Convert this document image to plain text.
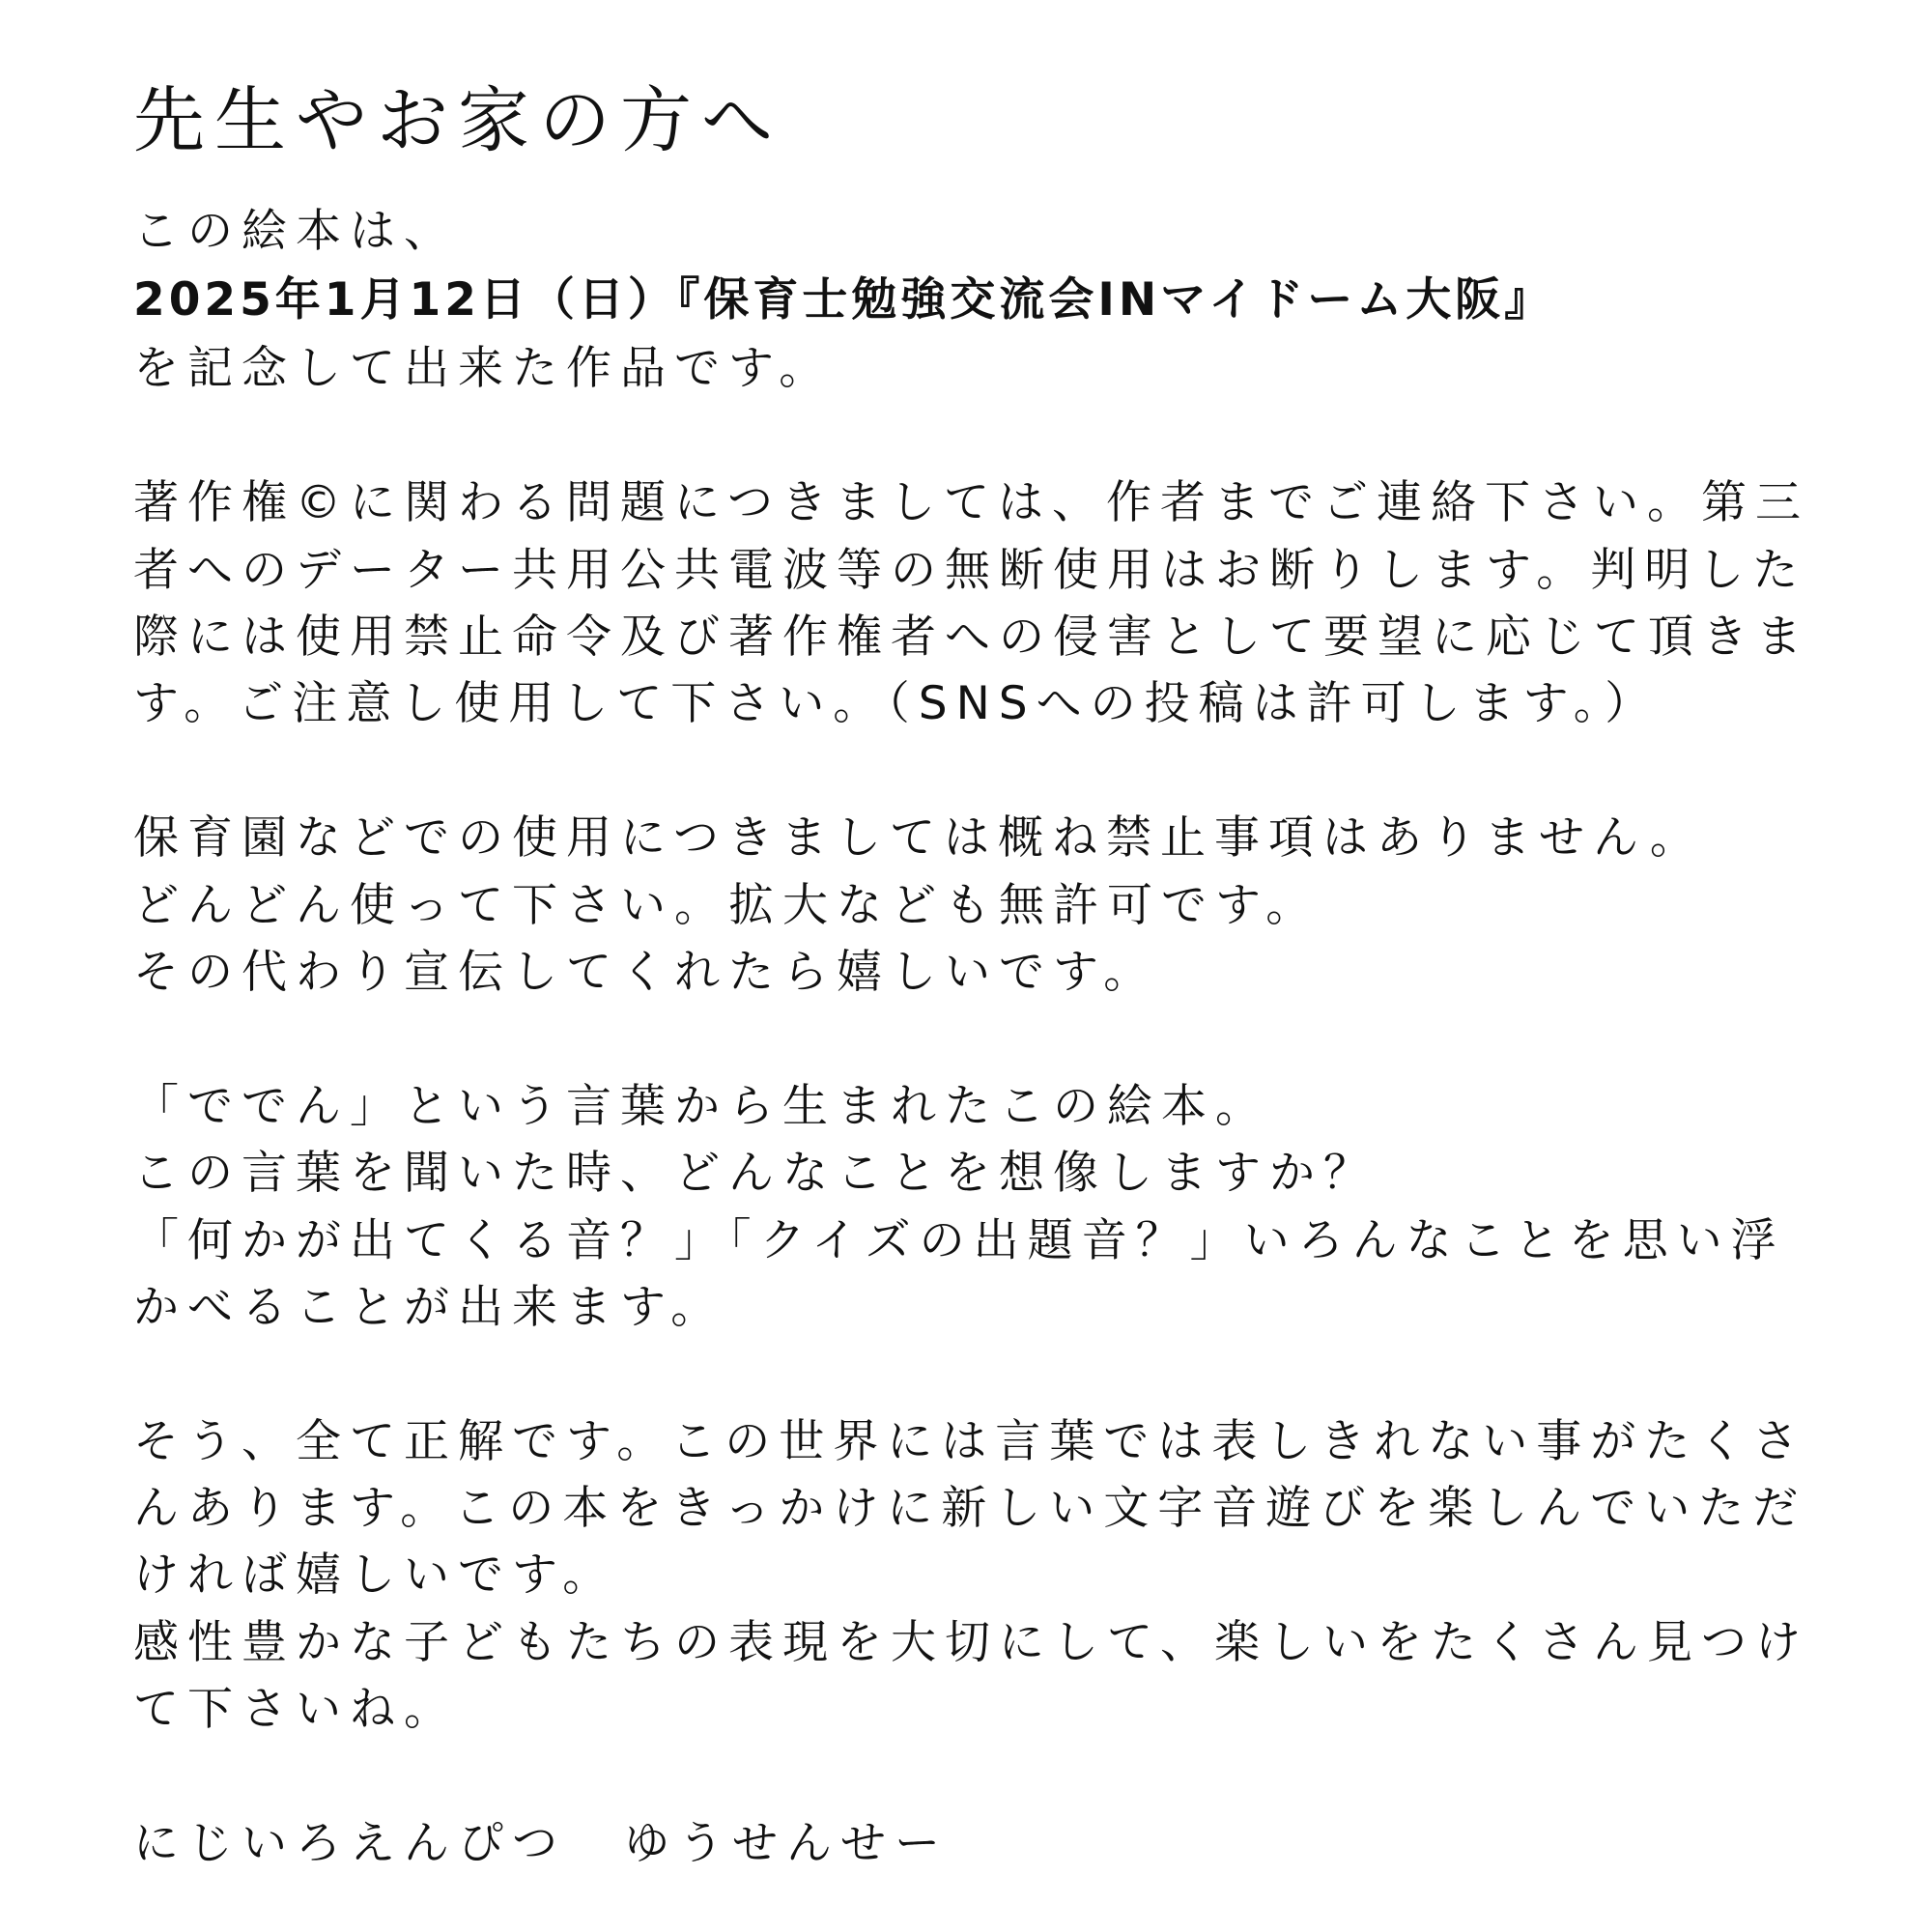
先生やお家の方へ

この絵本は、

2025年1月12日（日）『保育士勉強交流会INマイドーム大阪』

を記念して出来た作品です。

著作権©に関わる問題につきましては、作者までご連絡下さい。第三

者へのデーター共用公共電波等の無断使用はお断りします。判明した

際には使用禁止命令及び著作権者への侵害として要望に応じて頂きま

す。ご注意し使用して下さい。（SNSへの投稿は許可します。）

保育園などでの使用につきましては概ね禁止事項はありません。

どんどん使って下さい。拡大なども無許可です。

その代わり宣伝してくれたら嬉しいです。

「ででん」という言葉から生まれたこの絵本。

この言葉を聞いた時、どんなことを想像しますか？

「何かが出てくる音？」「クイズの出題音？」いろんなことを思い浮

かべることが出来ます。

そう、全て正解です。この世界には言葉では表しきれない事がたくさ

んあります。この本をきっかけに新しい文字音遊びを楽しんでいただ

ければ嬉しいです。

感性豊かな子どもたちの表現を大切にして、楽しいをたくさん見つけ

て下さいね。

にじいろえんぴつ ゆうせんせー
